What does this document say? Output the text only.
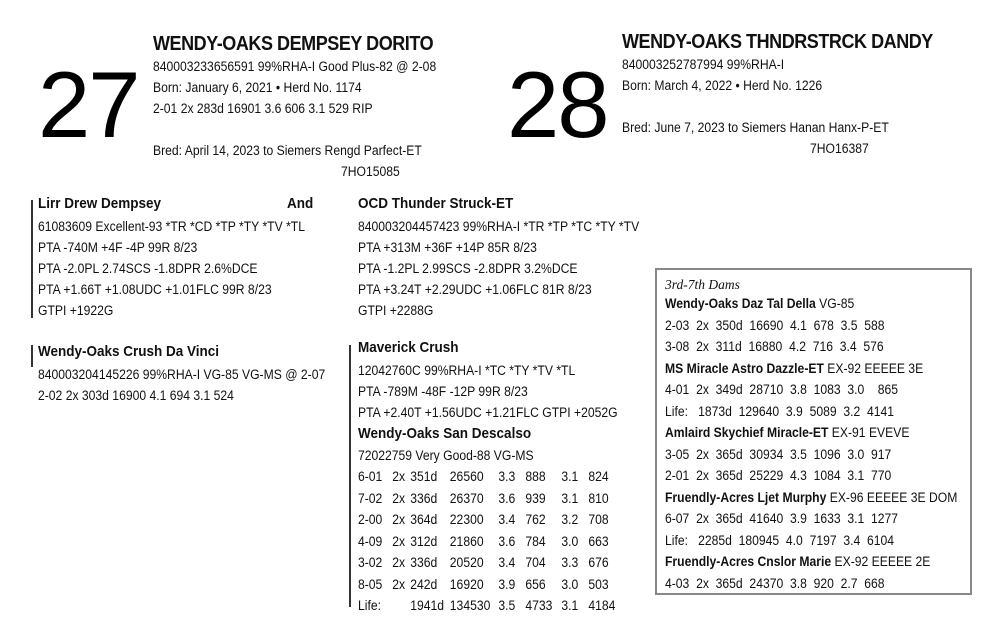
27
WENDY-OAKS DEMPSEY DORITO
840003233656591 99%RHA-I Good Plus-82 @ 2-08
Born: January 6, 2021 • Herd No. 1174
2-01 2x 283d 16901 3.6 606 3.1 529 RIP
Bred: April 14, 2023 to Siemers Rengd Parfect-ET
7HO15085
28
WENDY-OAKS THNDRSTRCK DANDY
840003252787994 99%RHA-I
Born: March 4, 2022 • Herd No. 1226
Bred: June 7, 2023 to Siemers Hanan Hanx-P-ET
7HO16387
Lirr Drew Dempsey	And
61083609 Excellent-93 *TR *CD *TP *TY *TV *TL
PTA -740M +4F -4P 99R 8/23
PTA -2.0PL 2.74SCS -1.8DPR 2.6%DCE
PTA +1.66T +1.08UDC +1.01FLC 99R 8/23
GTPI +1922G
Wendy-Oaks Crush Da Vinci
840003204145226 99%RHA-I VG-85 VG-MS @ 2-07
2-02 2x 303d 16900 4.1 694 3.1 524
OCD Thunder Struck-ET
840003204457423 99%RHA-I *TR *TP *TC *TY *TV
PTA +313M +36F +14P 85R 8/23
PTA -1.2PL 2.99SCS -2.8DPR 3.2%DCE
PTA +3.24T +2.29UDC +1.06FLC 81R 8/23
GTPI +2288G
Maverick Crush
12042760C 99%RHA-I *TC *TY *TV *TL
PTA -789M -48F -12P 99R 8/23
PTA +2.40T +1.56UDC +1.21FLC GTPI +2052G
Wendy-Oaks San Descalso
72022759 Very Good-88 VG-MS
6-01 2x 351d 26560 3.3 888 3.1 824
7-02 2x 336d 26370 3.6 939 3.1 810
2-00 2x 364d 22300 3.4 762 3.2 708
4-09 2x 312d 21860 3.6 784 3.0 663
3-02 2x 336d 20520 3.4 704 3.3 676
8-05 2x 242d 16920 3.9 656 3.0 503
Life: 1941d 134530 3.5 4733 3.1 4184
3rd-7th Dams
Wendy-Oaks Daz Tal Della VG-85
2-03  2x  350d  16690  4.1  678  3.5  588
3-08  2x  311d  16880  4.2  716  3.4  576
MS Miracle Astro Dazzle-ET EX-92 EEEEE 3E
4-01  2x  349d  28710  3.8  1083  3.0    865
Life:   1873d  129640  3.9  5089  3.2  4141
Amlaird Skychief Miracle-ET EX-91 EVEVE
3-05  2x  365d  30934  3.5  1096  3.0  917
2-01  2x  365d  25229  4.3  1084  3.1  770
Fruendly-Acres Ljet Murphy EX-96 EEEEE 3E DOM
6-07  2x  365d  41640  3.9  1633  3.1  1277
Life:   2285d  180945  4.0  7197  3.4  6104
Fruendly-Acres Cnslor Marie EX-92 EEEEE 2E
4-03  2x  365d  24370  3.8  920  2.7  668
